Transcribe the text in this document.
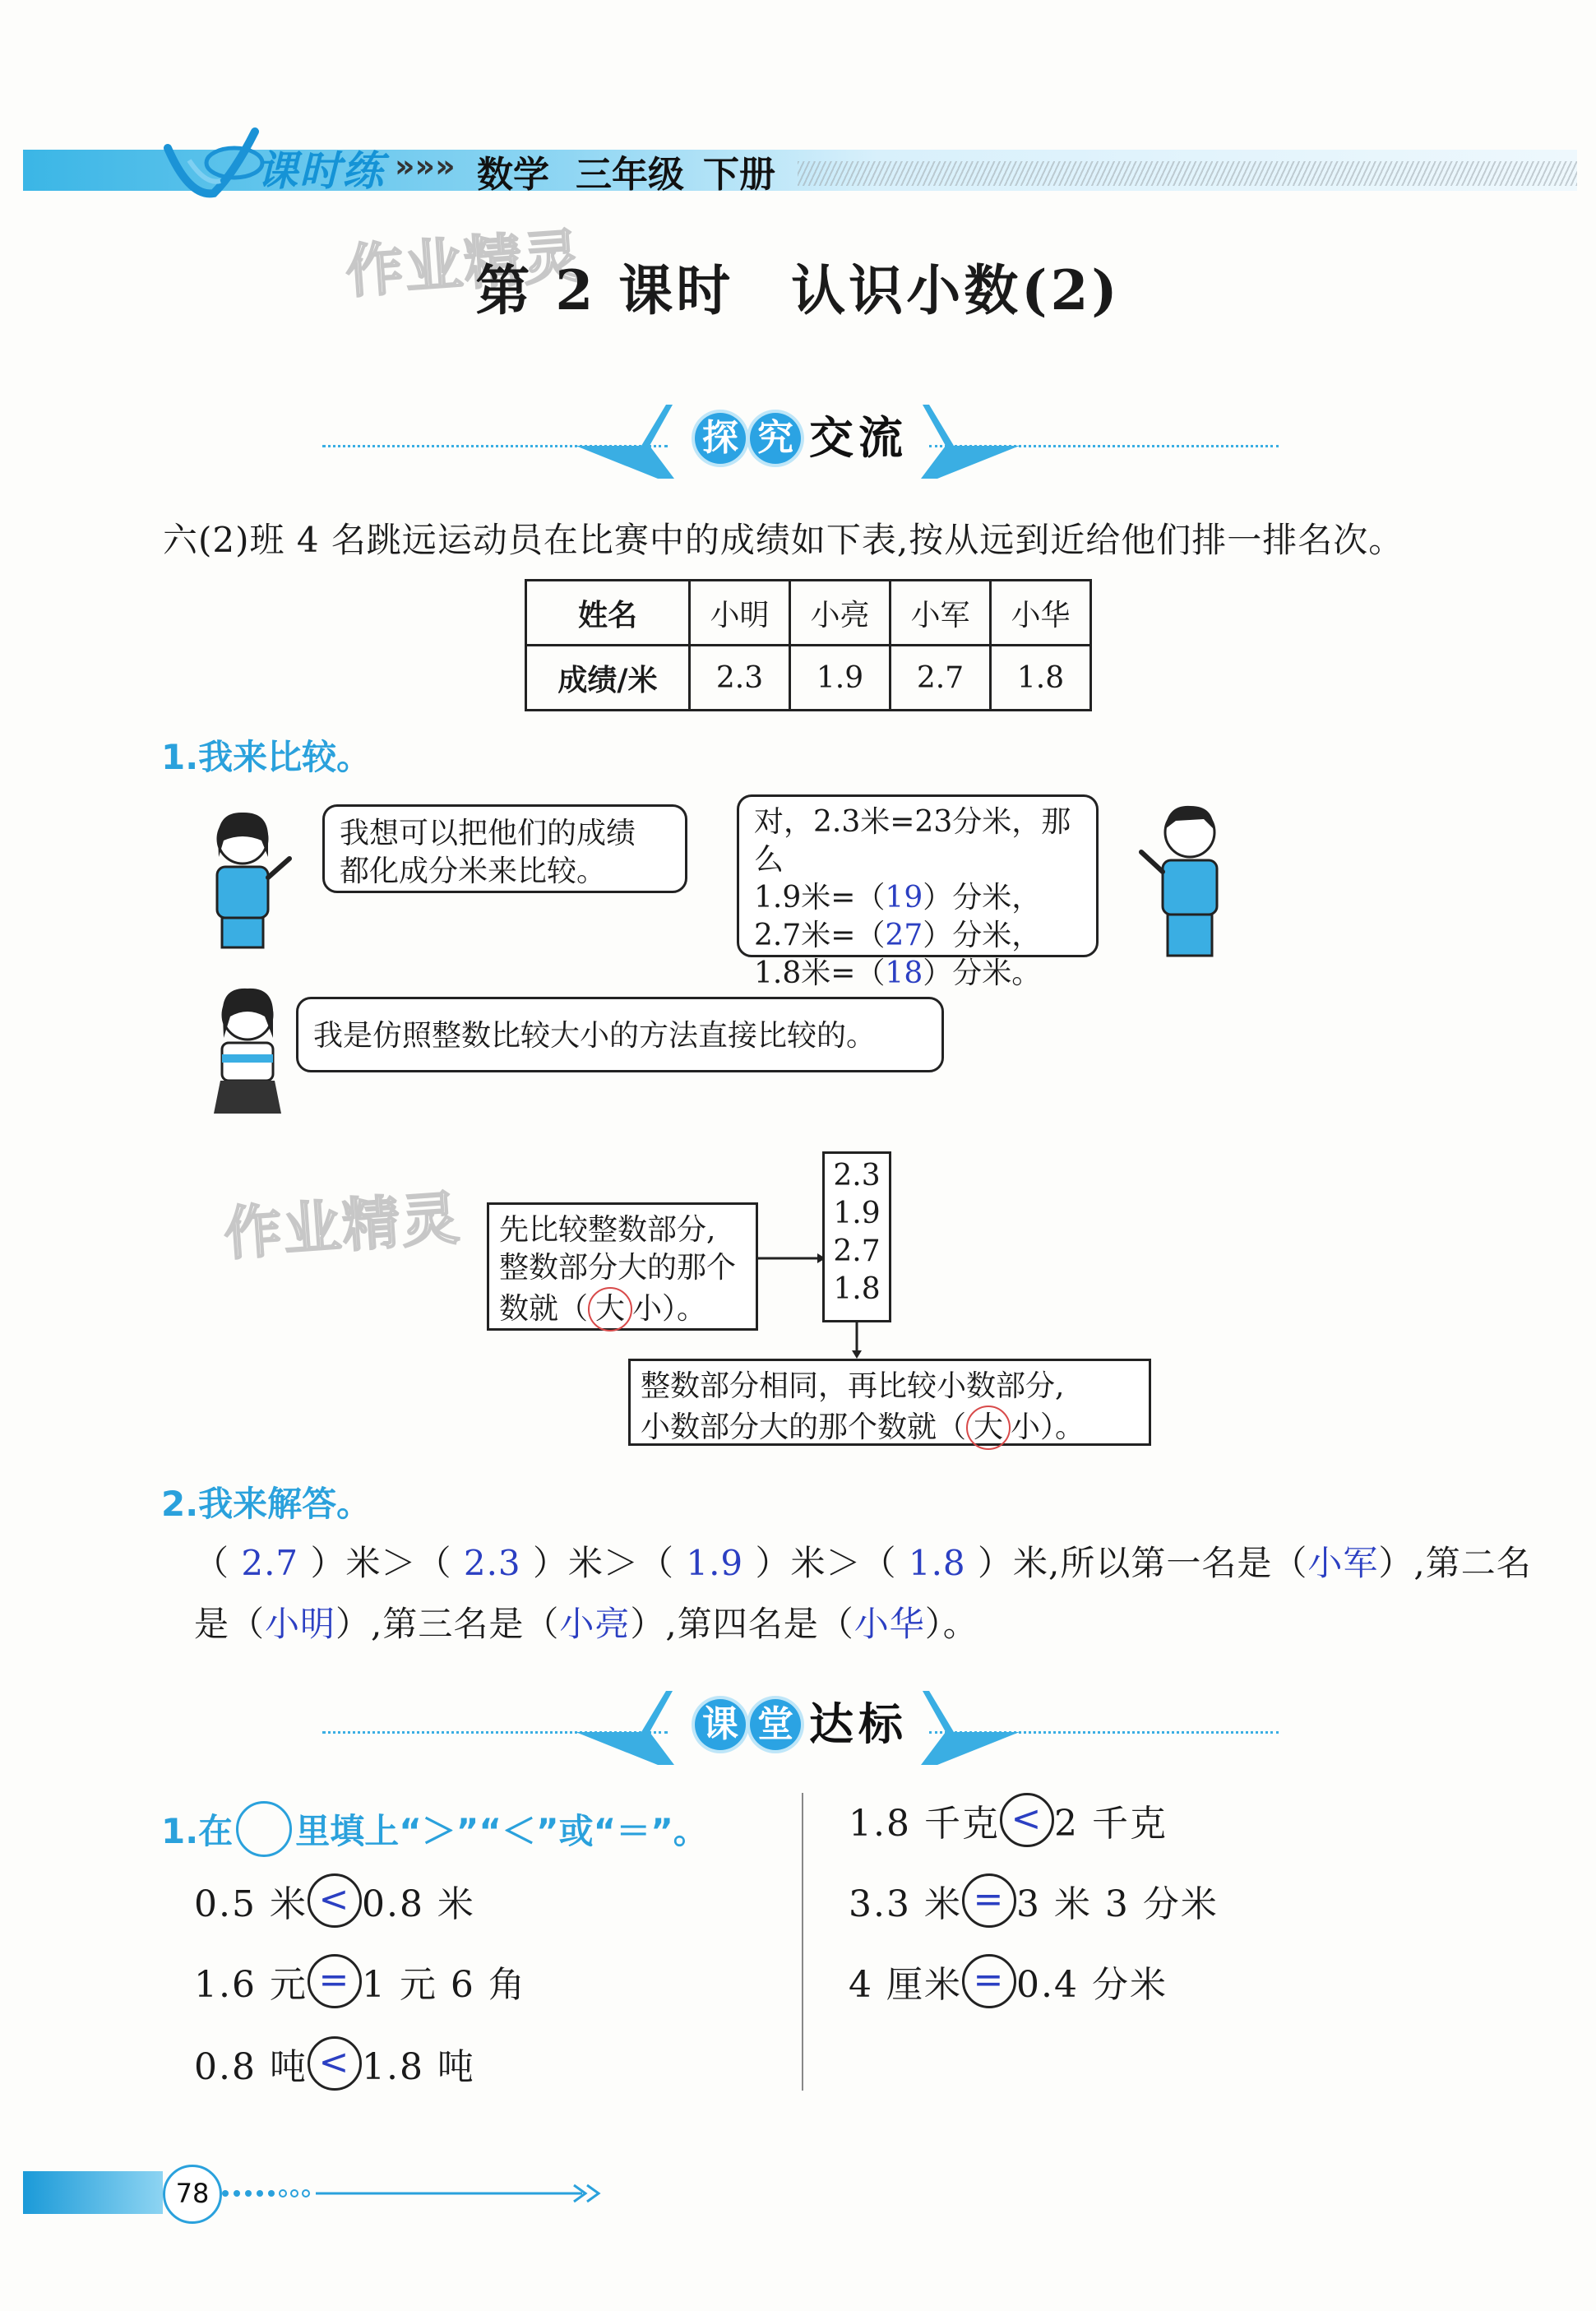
课时练 »»» 数学 三年级 下册
作业精灵
第 2 课时　认识小数(2)
探 究 交 流
六(2)班 4 名跳远运动员在比赛中的成绩如下表,按从远到近给他们排一排名次。
姓名	小明	小亮	小军	小华
成绩/米	2.3	1.9	2.7	1.8
1.我来比较。
我想可以把他们的成绩
都化成分米来比较。
对，2.3米=23分米，那么
1.9米=（19）分米，
2.7米=（27）分米，
1.8米=（18）分米。
我是仿照整数比较大小的方法直接比较的。
作业精灵 先比较整数部分,
整数部分大的那个
数就（ 大 小）。
2.3
1.9
2.7
1.8
整数部分相同，再比较小数部分,
小数部分大的那个数就（ 大 小）。
2.我来解答。
（ 2.7 ）米＞（ 2.3 ）米＞（ 1.9 ）米＞（ 1.8 ）米,所以第一名是（小军）,第二名
是（小明）,第三名是（小亮）,第四名是（小华）。
课 堂 达 标
1.在 里填上“＞”“＜”或“＝”。
0.5 米 < 0.8 米
1.6 元 = 1 元 6 角
0.8 吨 < 1.8 吨
1.8 千克 < 2 千克
3.3 米 = 3 米 3 分米
4 厘米 = 0.4 分米
78
